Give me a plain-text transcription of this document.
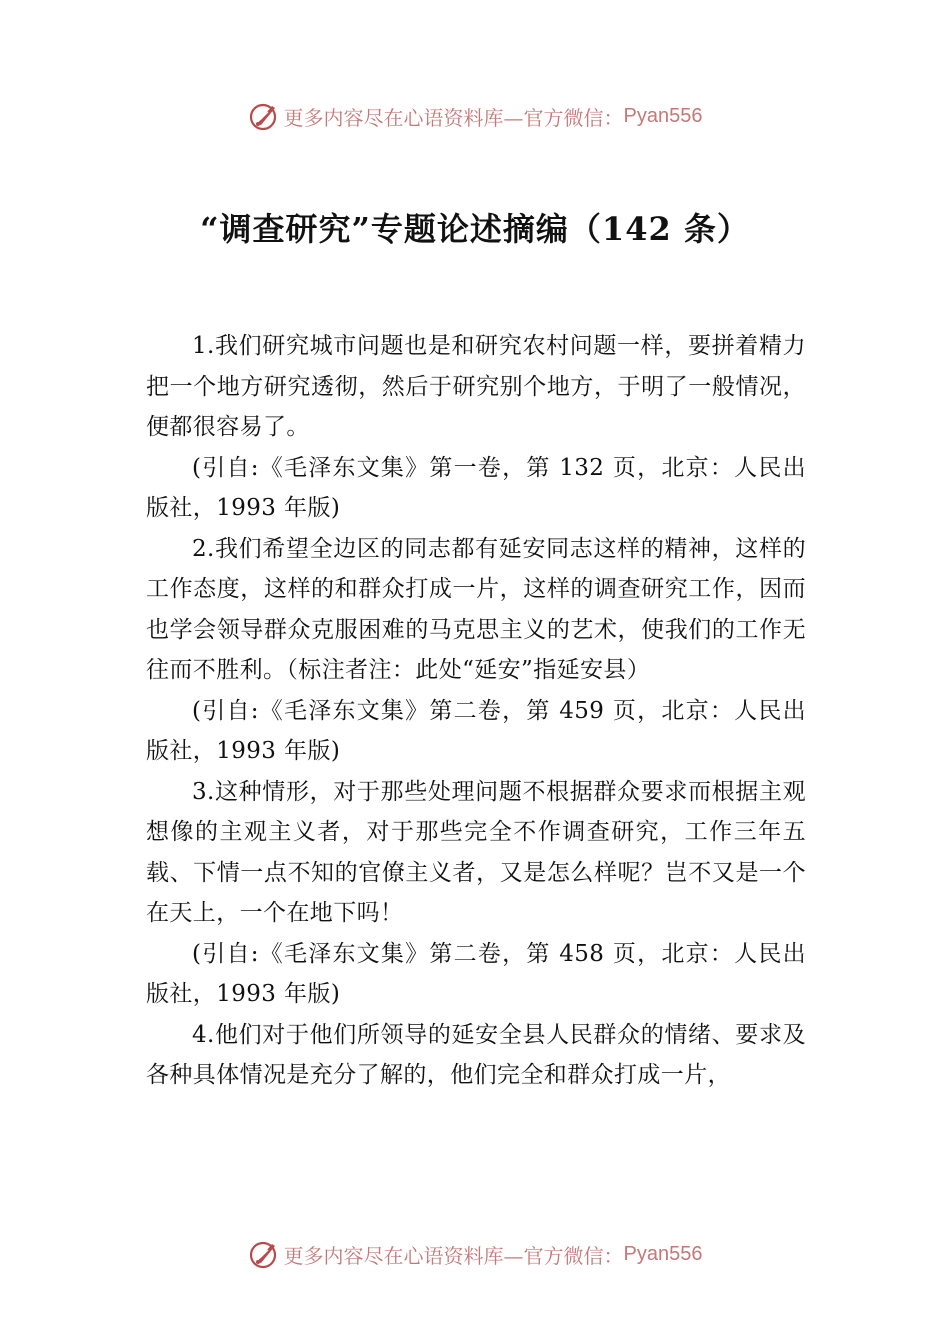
更多内容尽在心语资料库—官方微信： Pyan556
“调查研究”专题论述摘编（142 条）

1.我们研究城市问题也是和研究农村问题一样，要拼着精力把一个地方研究透彻，然后于研究别个地方，于明了一般情况，便都很容易了。

(引自:《毛泽东文集》第一卷，第 132 页，北京：人民出版社，1993 年版)

2.我们希望全边区的同志都有延安同志这样的精神，这样的工作态度，这样的和群众打成一片，这样的调查研究工作，因而也学会领导群众克服困难的马克思主义的艺术，使我们的工作无往而不胜利。（标注者注：此处“延安”指延安县）

(引自:《毛泽东文集》第二卷，第 459 页，北京：人民出版社，1993 年版)

3.这种情形，对于那些处理问题不根据群众要求而根据主观想像的主观主义者，对于那些完全不作调查研究，工作三年五载、下情一点不知的官僚主义者，又是怎么样呢？岂不又是一个在天上，一个在地下吗！

(引自:《毛泽东文集》第二卷，第 458 页，北京：人民出版社，1993 年版)

4.他们对于他们所领导的延安全县人民群众的情绪、要求及各种具体情况是充分了解的，他们完全和群众打成一片，

更多内容尽在心语资料库—官方微信： Pyan556
